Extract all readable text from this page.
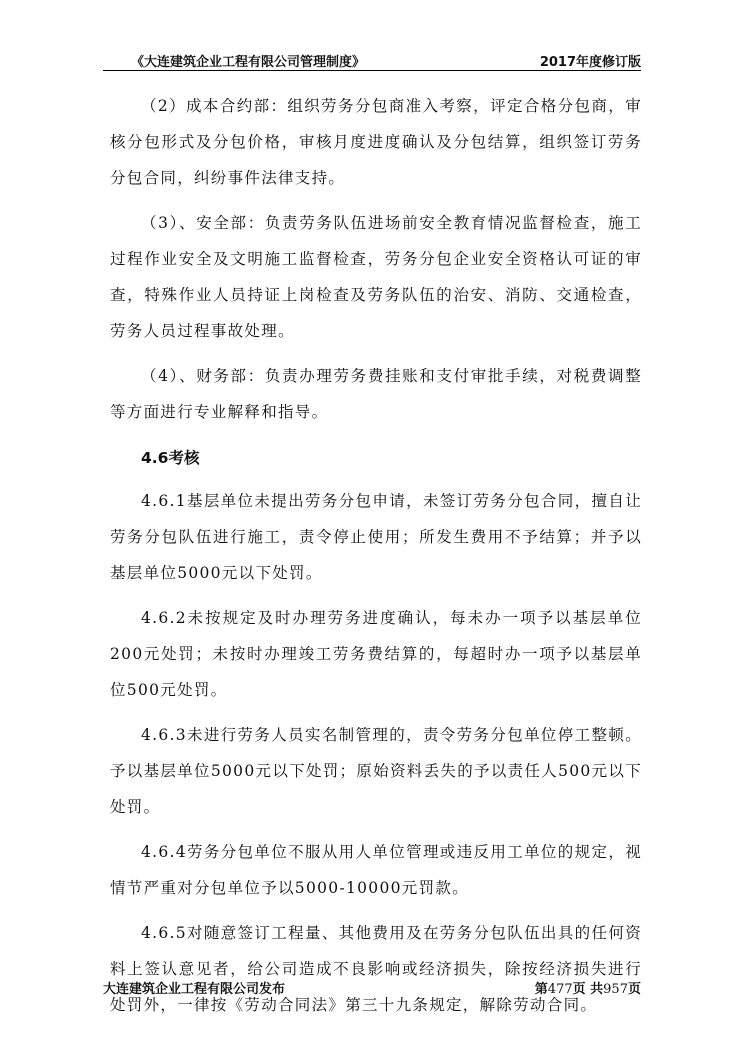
《大连建筑企业工程有限公司管理制度》	2017年度修订版

（2）成本合约部：组织劳务分包商准入考察，评定合格分包商，审核分包形式及分包价格，审核月度进度确认及分包结算，组织签订劳务分包合同，纠纷事件法律支持。

（3）、安全部：负责劳务队伍进场前安全教育情况监督检查，施工过程作业安全及文明施工监督检查，劳务分包企业安全资格认可证的审查，特殊作业人员持证上岗检查及劳务队伍的治安、消防、交通检查，劳务人员过程事故处理。

（4）、财务部：负责办理劳务费挂账和支付审批手续，对税费调整等方面进行专业解释和指导。

4.6考核

4.6.1基层单位未提出劳务分包申请，未签订劳务分包合同，擅自让劳务分包队伍进行施工，责令停止使用；所发生费用不予结算；并予以基层单位5000元以下处罚。

4.6.2未按规定及时办理劳务进度确认，每未办一项予以基层单位200元处罚；未按时办理竣工劳务费结算的，每超时办一项予以基层单位500元处罚。

4.6.3未进行劳务人员实名制管理的，责令劳务分包单位停工整顿。予以基层单位5000元以下处罚；原始资料丢失的予以责任人500元以下处罚。

4.6.4劳务分包单位不服从用人单位管理或违反用工单位的规定，视情节严重对分包单位予以5000-10000元罚款。

4.6.5对随意签订工程量、其他费用及在劳务分包队伍出具的任何资料上签认意见者，给公司造成不良影响或经济损失，除按经济损失进行处罚外，一律按《劳动合同法》第三十九条规定，解除劳动合同。

大连建筑企业工程有限公司发布	第477页 共957页
